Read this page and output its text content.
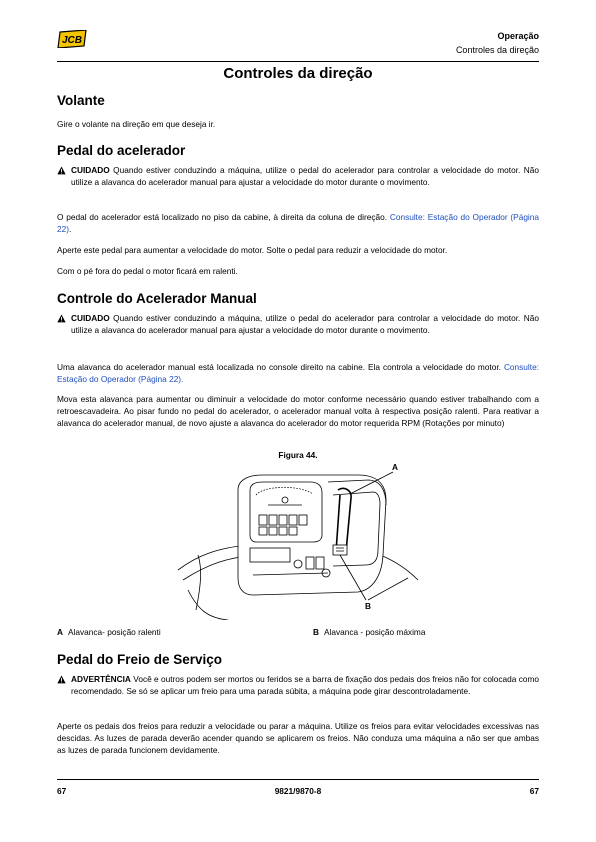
JCB	Operação
Controles da direção
Controles da direção
Volante

Gire o volante na direção em que deseja ir.

Pedal do acelerador
CUIDADO Quando estiver conduzindo a máquina, utilize o pedal do acelerador para controlar a velocidade do motor. Não utilize a alavanca do acelerador manual para ajustar a velocidade do motor durante o movimento.

O pedal do acelerador está localizado no piso da cabine, à direita da coluna de direção. Consulte: Estação do Operador (Página 22).

Aperte este pedal para aumentar a velocidade do motor. Solte o pedal para reduzir a velocidade do motor.

Com o pé fora do pedal o motor ficará em ralenti.

Controle do Acelerador Manual
CUIDADO Quando estiver conduzindo a máquina, utilize o pedal do acelerador para controlar a velocidade do motor. Não utilize a alavanca do acelerador manual para ajustar a velocidade do motor durante o movimento.

Uma alavanca do acelerador manual está localizada no console direito na cabine. Ela controla a velocidade do motor. Consulte: Estação do Operador (Página 22).

Mova esta alavanca para aumentar ou diminuir a velocidade do motor conforme necessário quando estiver trabalhando com a retroescavadeira. Ao pisar fundo no pedal do acelerador, o acelerador manual volta à respectiva posição ralenti. Para reativar a alavanca do acelerador manual, de novo ajuste a alavanca do acelerador do motor requerida RPM (Rotações por minuto)

Figura 44.
A
B
A Alavanca- posição ralenti	B Alavanca - posição máxima
Pedal do Freio de Serviço
ADVERTÊNCIA Você e outros podem ser mortos ou feridos se a barra de fixação dos pedais dos freios não for colocada como recomendado. Se só se aplicar um freio para uma parada súbita, a máquina pode girar descontroladamente.

Aperte os pedais dos freios para reduzir a velocidade ou parar a máquina. Utilize os freios para evitar velocidades excessivas nas descidas. As luzes de parada deverão acender quando se aplicarem os freios. Não conduza uma máquina a não ser que ambas as luzes de parada funcionem devidamente.

67	9821/9870-8	67
